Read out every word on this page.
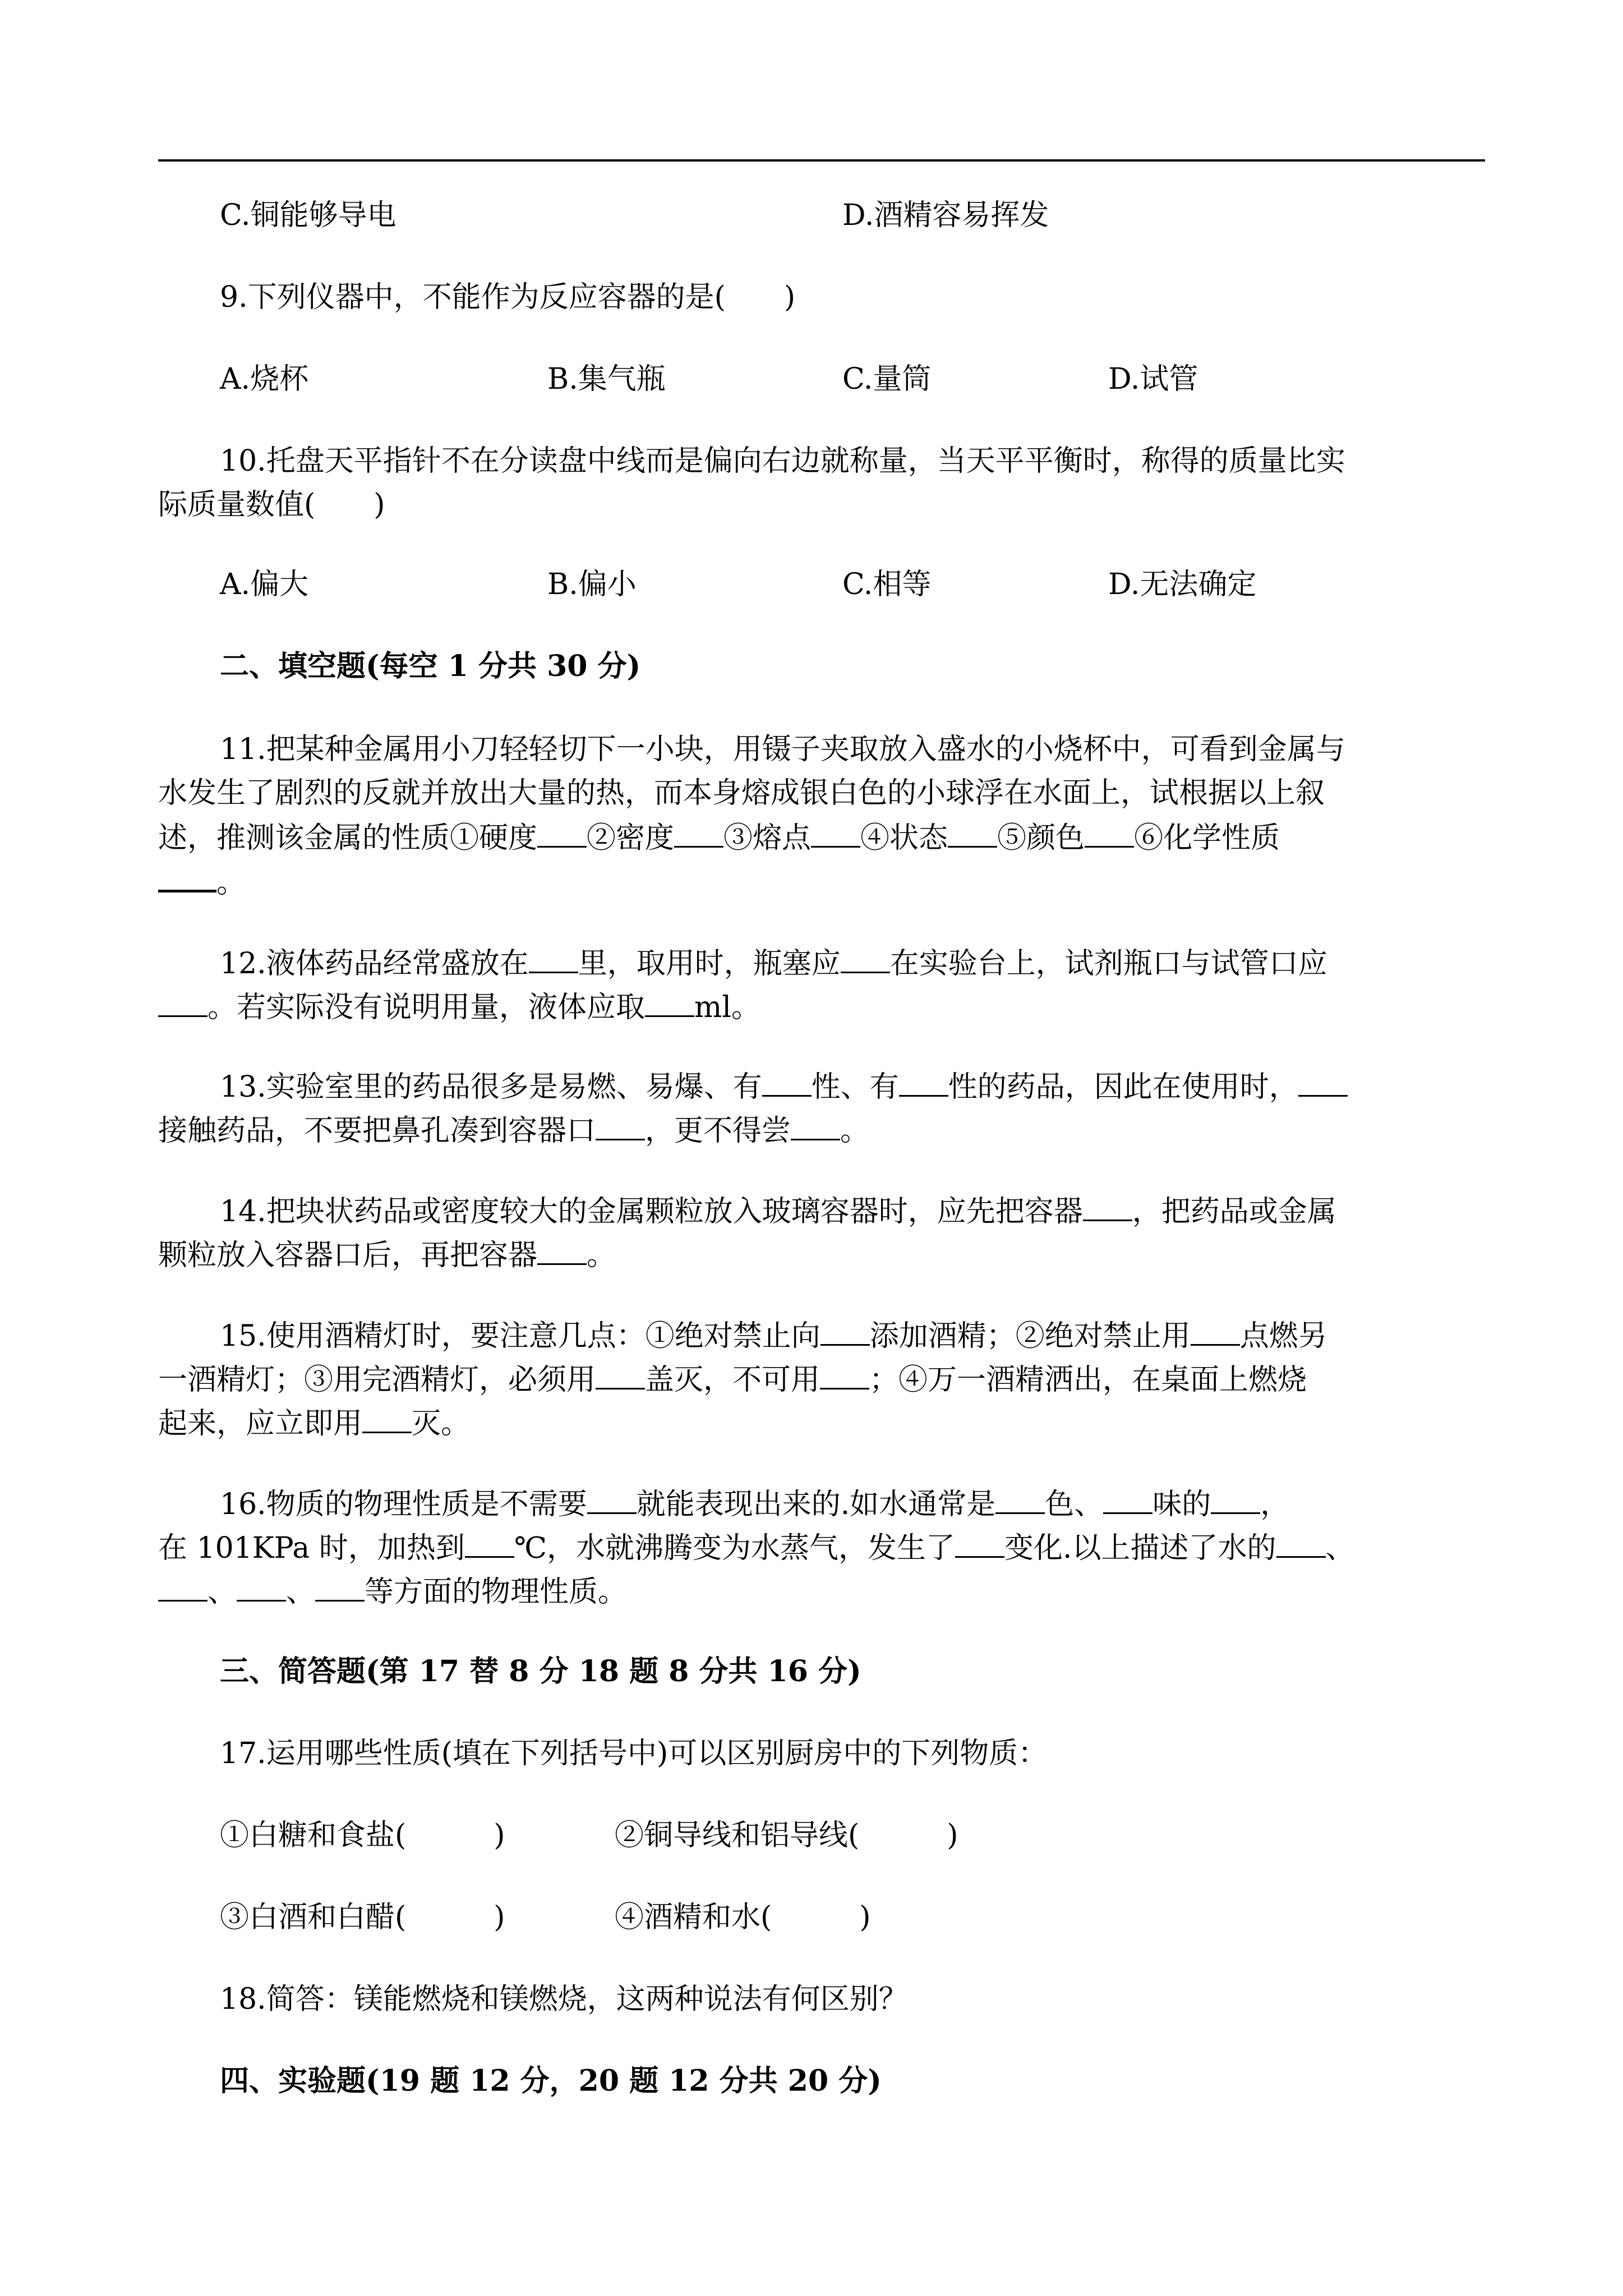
C.铜能够导电	D.酒精容易挥发
9.下列仪器中，不能作为反应容器的是(　　)
A.烧杯	B.集气瓶	C.量筒	D.试管
10.托盘天平指针不在分读盘中线而是偏向右边就称量，当天平平衡时，称得的质量比实
际质量数值(　　)
A.偏大	B.偏小	C.相等	D.无法确定
二、填空题(每空 1 分共 30 分)
11.把某种金属用小刀轻轻切下一小块，用镊子夹取放入盛水的小烧杯中，可看到金属与
水发生了剧烈的反就并放出大量的热，而本身熔成银白色的小球浮在水面上，试根据以上叙
述，推测该金属的性质①硬度 ②密度 ③熔点 ④状态 ⑤颜色 ⑥化学性质
。
12.液体药品经常盛放在 里，取用时，瓶塞应 在实验台上，试剂瓶口与试管口应
。若实际没有说明用量，液体应取 ml。
13.实验室里的药品很多是易燃、易爆、有 性、有 性的药品，因此在使用时，
接触药品，不要把鼻孔凑到容器口 ，更不得尝 。
14.把块状药品或密度较大的金属颗粒放入玻璃容器时，应先把容器 ，把药品或金属
颗粒放入容器口后，再把容器 。
15.使用酒精灯时，要注意几点：①绝对禁止向 添加酒精；②绝对禁止用 点燃另
一酒精灯；③用完酒精灯，必须用 盖灭，不可用 ；④万一酒精洒出，在桌面上燃烧
起来，应立即用 灭。
16.物质的物理性质是不需要 就能表现出来的.如水通常是 色、 味的 ，
在 101KPa 时，加热到 ℃，水就沸腾变为水蒸气，发生了 变化.以上描述了水的 、
、 、 等方面的物理性质。
三、简答题(第 17 替 8 分 18 题 8 分共 16 分)
17.运用哪些性质(填在下列括号中)可以区别厨房中的下列物质：
①白糖和食盐(　　　)	②铜导线和铝导线(　　　)
③白酒和白醋(　　　)	④酒精和水(　　　)
18.简答：镁能燃烧和镁燃烧，这两种说法有何区别？
四、实验题(19 题 12 分，20 题 12 分共 20 分)
